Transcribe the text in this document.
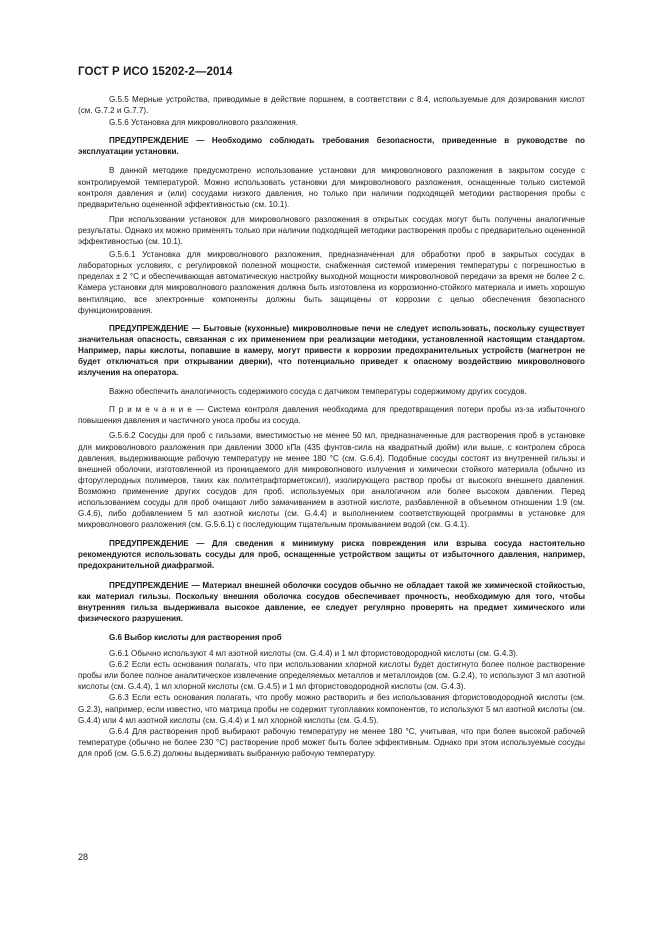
ГОСТ Р ИСО 15202-2—2014

G.5.5 Мерные устройства, приводимые в действие поршнем, в соответствии с 8.4, используемые для дозирования кислот (см. G.7.2 и G.7.7).

G.5.6 Установка для микроволнового разложения.

ПРЕДУПРЕЖДЕНИЕ — Необходимо соблюдать требования безопасности, приведенные в руководстве по эксплуатации установки.

В данной методике предусмотрено использование установки для микроволнового разложения в закрытом сосуде с контролируемой температурой. Можно использовать установки для микроволнового разложения, оснащенные только системой контроля давления и (или) сосудами низкого давления, но только при наличии подходящей методики растворения пробы с предварительно оцененной эффективностью (см. 10.1).

При использовании установок для микроволнового разложения в открытых сосудах могут быть получены аналогичные результаты. Однако их можно применять только при наличии подходящей методики растворения пробы с предварительно оцененной эффективностью (см. 10.1).

G.5.6.1 Установка для микроволнового разложения, предназначенная для обработки проб в закрытых сосудах в лабораторных условиях, с регулировкой полезной мощности, снабженная системой измерения температуры с погрешностью в пределах ± 2 °С и обеспечивающая автоматическую настройку выходной мощности микроволновой передачи за время не более 2 с. Камера установки для микроволнового разложения должна быть изготовлена из коррозионно-стойкого материала и иметь хорошую вентиляцию, все электронные компоненты должны быть защищены от коррозии с целью обеспечения безопасного функционирования.

ПРЕДУПРЕЖДЕНИЕ — Бытовые (кухонные) микроволновые печи не следует использовать, поскольку существует значительная опасность, связанная с их применением при реализации методики, установленной настоящим стандартом. Например, пары кислоты, попавшие в камеру, могут привести к коррозии предохранительных устройств (магнетрон не будет отключаться при открывании дверки), что потенциально приведет к опасному воздействию микроволнового излучения на оператора.

Важно обеспечить аналогичность содержимого сосуда с датчиком температуры содержимому других сосудов.

П р и м е ч а н и е — Система контроля давления необходима для предотвращения потери пробы из-за избыточного повышения давления и частичного уноса пробы из сосуда.

G.5.6.2 Сосуды для проб с гильзами, вместимостью не менее 50 мл, предназначенные для растворения проб в установке для микроволнового разложения при давлении 3000 кПа (435 фунтов-сила на квадратный дюйм) или выше, с контролем сброса давления, выдерживающие рабочую температуру не менее 180 °С (см. G.6.4). Подобные сосуды состоят из внутренней гильзы и внешней оболочки, изготовленной из проницаемого для микроволнового излучения и химически стойкого материала (обычно из фторуглеродных полимеров, таких как политетрафторметоксил), изолирующего раствор пробы от высокого внешнего давления. Возможно применение других сосудов для проб, используемых при аналогичном или более высоком давлении. Перед использованием сосуды для проб очищают либо замачиванием в азотной кислоте, разбавленной в объемном отношении 1:9 (см. G.4.6), либо добавлением 5 мл азотной кислоты (см. G.4.4) и выполнением соответствующей программы в установке для микроволнового разложения (см. G.5.6.1) с последующим тщательным промыванием водой (см. G.4.1).

ПРЕДУПРЕЖДЕНИЕ — Для сведения к минимуму риска повреждения или взрыва сосуда настоятельно рекомендуются использовать сосуды для проб, оснащенные устройством защиты от избыточного давления, например, предохранительной диафрагмой.

ПРЕДУПРЕЖДЕНИЕ — Материал внешней оболочки сосудов обычно не обладает такой же химической стойкостью, как материал гильзы. Поскольку внешняя оболочка сосудов обеспечивает прочность, необходимую для того, чтобы внутренняя гильза выдерживала высокое давление, ее следует регулярно проверять на предмет химического или физического разрушения.

G.6 Выбор кислоты для растворения проб

G.6.1 Обычно используют 4 мл азотной кислоты (см. G.4.4) и 1 мл фтористоводородной кислоты (см. G.4.3).

G.6.2 Если есть основания полагать, что при использовании хлорной кислоты будет достигнуто более полное растворение пробы или более полное аналитическое извлечение определяемых металлов и металлоидов (см. G.2.4), то используют 3 мл азотной кислоты (см. G.4.4), 1 мл хлорной кислоты (см. G.4.5) и 1 мл фтористоводородной кислоты (см. G.4.3).

G.6.3 Если есть основания полагать, что пробу можно растворить и без использования фтористоводородной кислоты (см. G.2.3), например, если известно, что матрица пробы не содержит тугоплавких компонентов, то используют 5 мл азотной кислоты (см. G.4.4) или 4 мл азотной кислоты (см. G.4.4) и 1 мл хлорной кислоты (см. G.4.5).

G.6.4 Для растворения проб выбирают рабочую температуру не менее 180 °С, учитывая, что при более высокой рабочей температуре (обычно не более 230 °С) растворение проб может быть более эффективным. Однако при этом используемые сосуды для проб (см. G.5.6.2) должны выдерживать выбранную рабочую температуру.

28
